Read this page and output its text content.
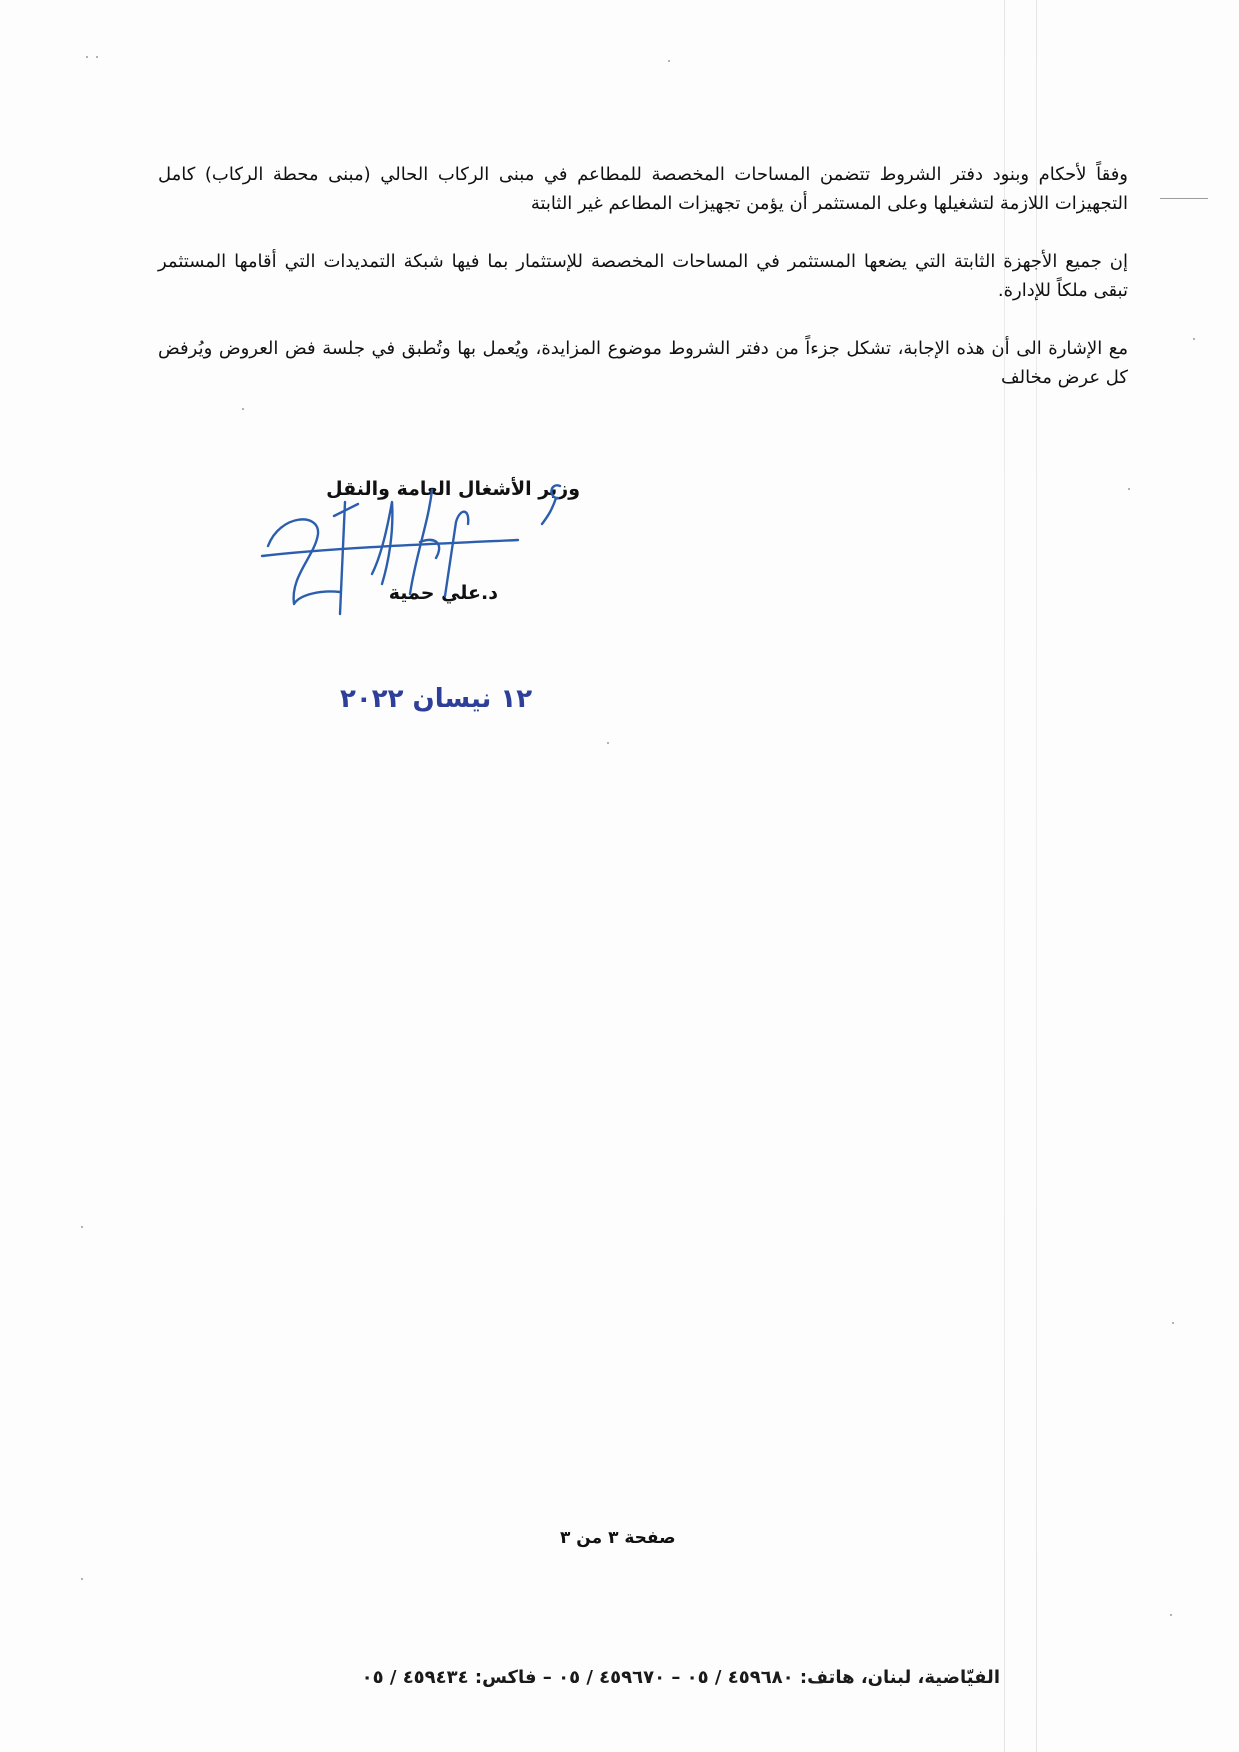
وفقاً لأحكام وبنود دفتر الشروط تتضمن المساحات المخصصة للمطاعم في مبنى الركاب الحالي (مبنى محطة الركاب) كامل التجهيزات اللازمة لتشغيلها وعلى المستثمر أن يؤمن تجهيزات المطاعم غير الثابتة

إن جميع الأجهزة الثابتة التي يضعها المستثمر في المساحات المخصصة للإستثمار بما فيها شبكة التمديدات التي أقامها المستثمر تبقى ملكاً للإدارة.

مع الإشارة الى أن هذه الإجابة، تشكل جزءاً من دفتر الشروط موضوع المزايدة، ويُعمل بها وتُطبق في جلسة فض العروض ويُرفض كل عرض مخالف

وزير الأشغال العامة والنقل
د.علي حمية
١٢ نيسان ٢٠٢٢
صفحة ٣ من ٣
الفيّاضية، لبنان، هاتف: ٤٥٩٦٨٠ / ٠٥ – ٤٥٩٦٧٠ / ٠٥ – فاكس: ٤٥٩٤٣٤ / ٠٥
